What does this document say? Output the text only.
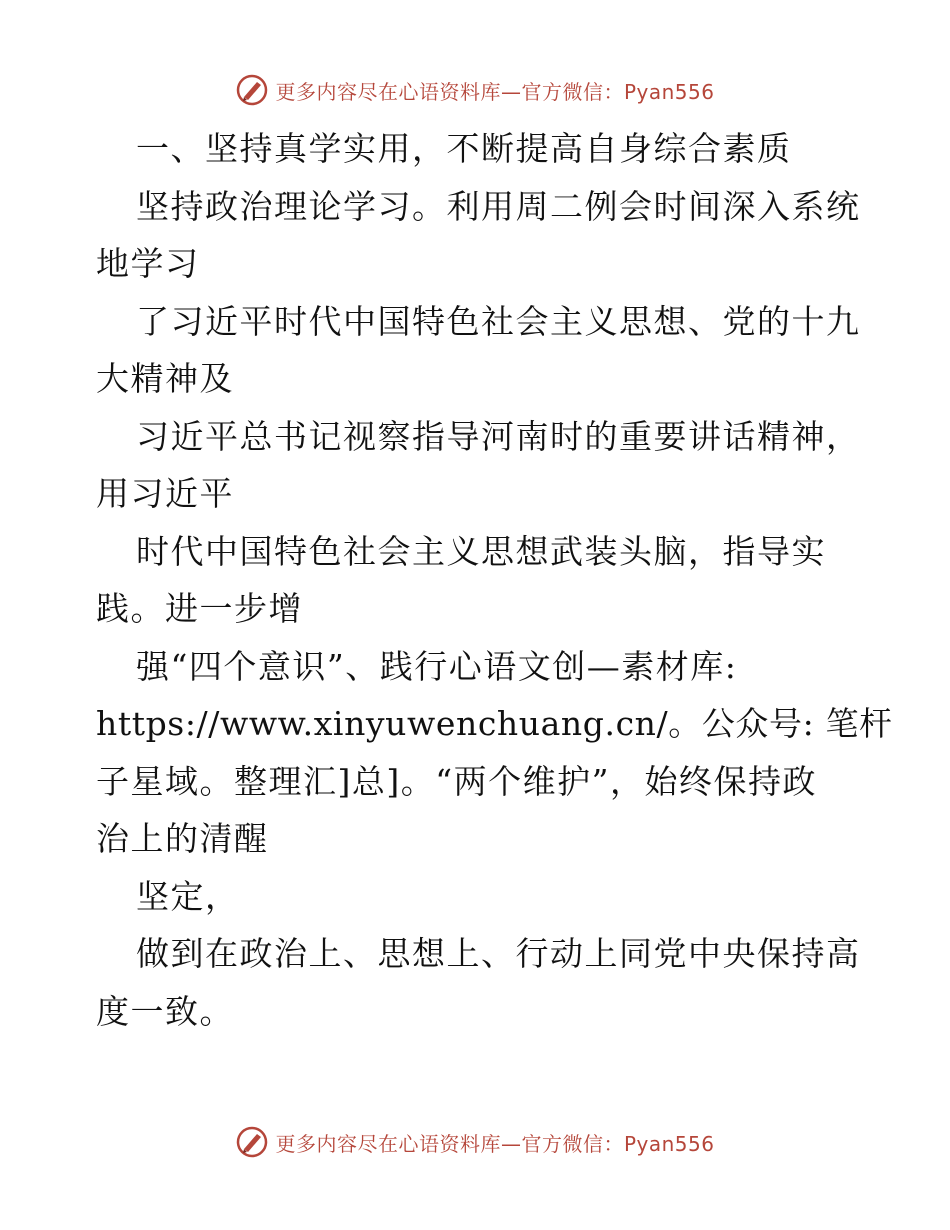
更多内容尽在心语资料库—官方微信：Pyan556
一、坚持真学实用，不断提高自身综合素质
坚持政治理论学习。利用周二例会时间深入系统
地学习
了习近平时代中国特色社会主义思想、党的十九
大精神及
习近平总书记视察指导河南时的重要讲话精神，
用习近平
时代中国特色社会主义思想武装头脑，指导实
践。进一步增
强“四个意识”、践行心语文创—素材库:
https://www.xinyuwenchuang.cn/。公众号: 笔杆
子星域。整理汇]总]。“两个维护”，始终保持政
治上的清醒
坚定，
做到在政治上、思想上、行动上同党中央保持高
度一致。
更多内容尽在心语资料库—官方微信：Pyan556
